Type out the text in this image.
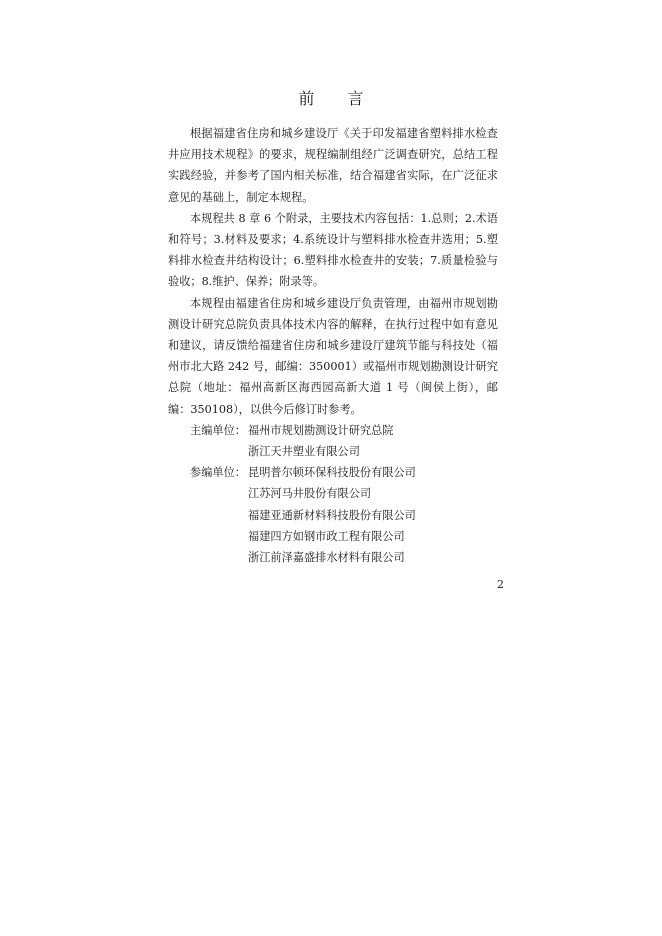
前 言

根据福建省住房和城乡建设厅《关于印发福建省塑料排水检查井应用技术规程》的要求，规程编制组经广泛调查研究，总结工程实践经验，并参考了国内相关标准，结合福建省实际，在广泛征求意见的基础上，制定本规程。

本规程共 8 章 6 个附录，主要技术内容包括：1.总则；2.术语和符号；3.材料及要求；4.系统设计与塑料排水检查井选用；5.塑料排水检查井结构设计；6.塑料排水检查井的安装；7.质量检验与验收；8.维护、保养；附录等。

本规程由福建省住房和城乡建设厅负责管理，由福州市规划勘测设计研究总院负责具体技术内容的解释，在执行过程中如有意见和建议，请反馈给福建省住房和城乡建设厅建筑节能与科技处（福州市北大路 242 号，邮编：350001）或福州市规划勘测设计研究总院（地址：福州高新区海西园高新大道 1 号（闽侯上街），邮编：350108），以供今后修订时参考。

主编单位： 福州市规划勘测设计研究总院
浙江天井塑业有限公司
参编单位： 昆明普尔顿环保科技股份有限公司
江苏河马井股份有限公司
福建亚通新材料科技股份有限公司
福建四方如钢市政工程有限公司
浙江前泽嘉盛排水材料有限公司
2
